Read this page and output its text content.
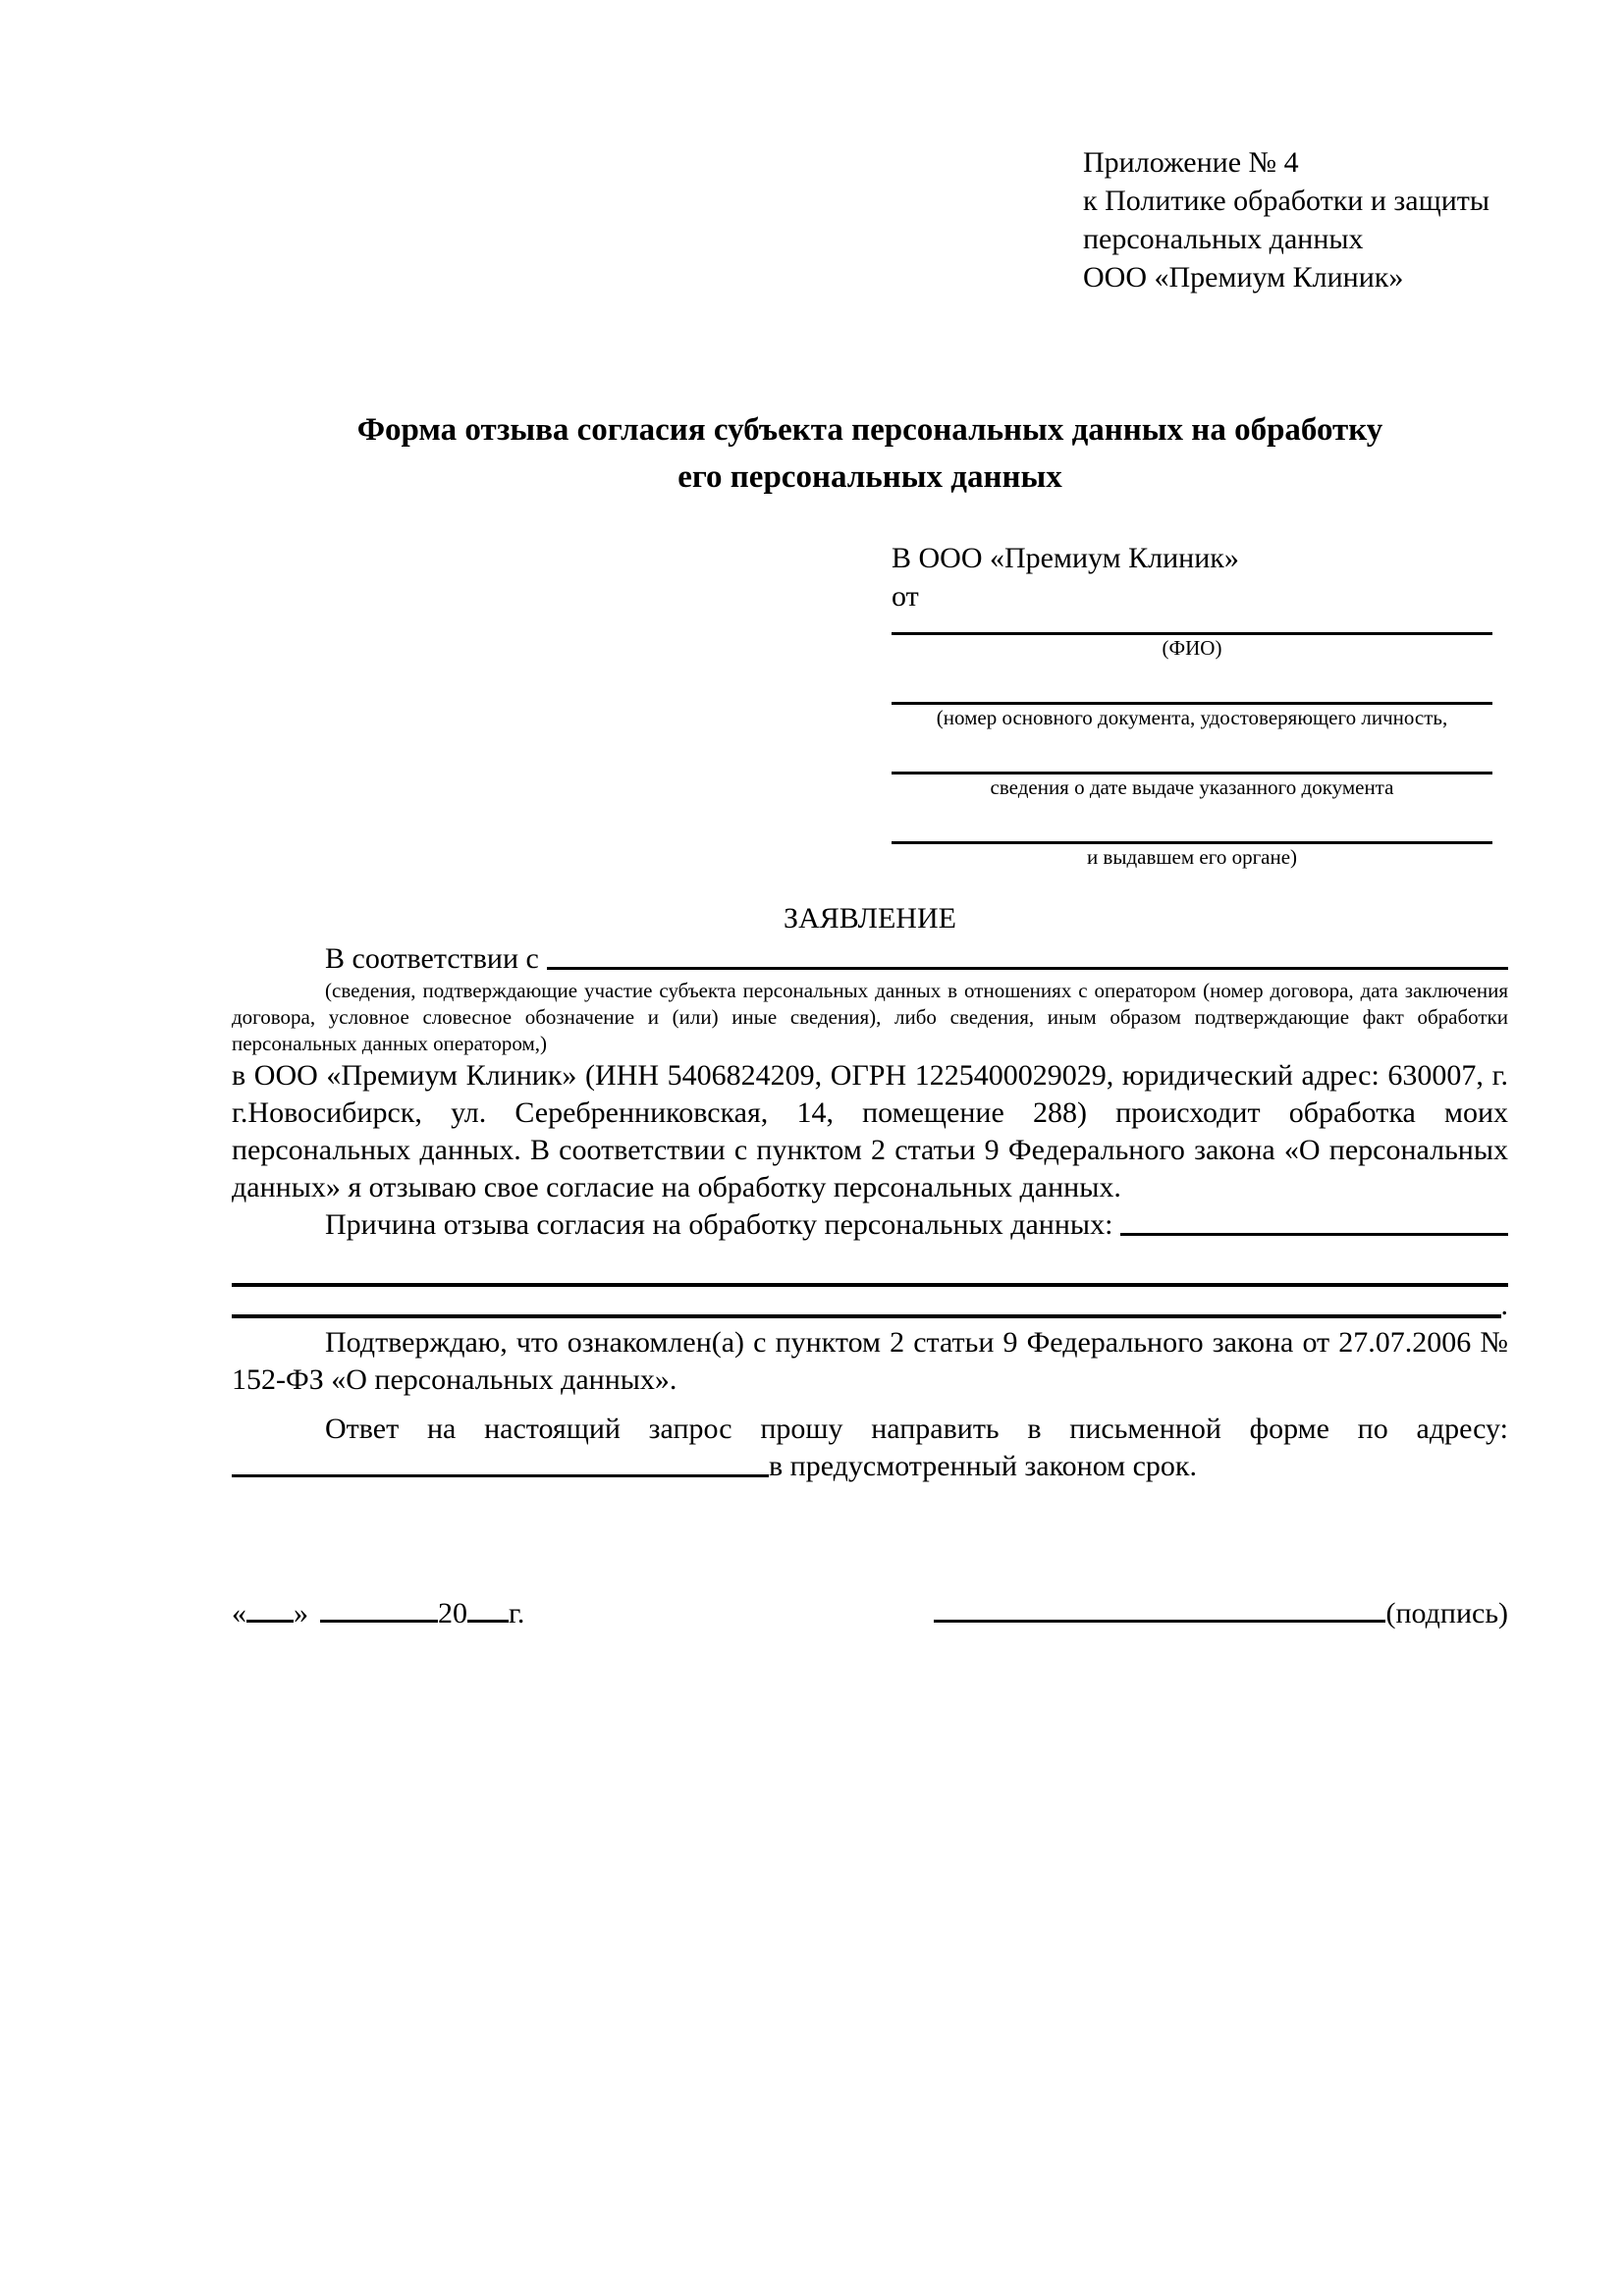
Приложение № 4
к Политике обработки и защиты
персональных данных
ООО «Премиум Клиник»
Форма отзыва согласия субъекта персональных данных на обработку
его персональных данных
В ООО «Премиум Клиник»
от
(ФИО)
(номер основного документа, удостоверяющего личность,
сведения о дате выдаче указанного документа
и выдавшем его органе)
ЗАЯВЛЕНИЕ
В соответствии с
(сведения, подтверждающие участие субъекта персональных данных в отношениях с оператором (номер договора, дата заключения договора, условное словесное обозначение и (или) иные сведения), либо сведения, иным образом подтверждающие факт обработки персональных данных оператором,)
в ООО «Премиум Клиник» (ИНН 5406824209, ОГРН 1225400029029, юридический адрес: 630007, г. г.Новосибирск, ул. Серебренниковская, 14, помещение 288) происходит обработка моих персональных данных. В соответствии с пунктом 2 статьи 9 Федерального закона «О персональных данных» я отзываю свое согласие на обработку персональных данных.
Причина отзыва согласия на обработку персональных данных:
.
Подтверждаю, что ознакомлен(а) с пунктом 2 статьи 9 Федерального закона от 27.07.2006 № 152-ФЗ «О персональных данных».
Ответ на настоящий запрос прошу направить в письменной форме по адресу:
в предусмотренный законом срок.
« »	20 г.	(подпись)
